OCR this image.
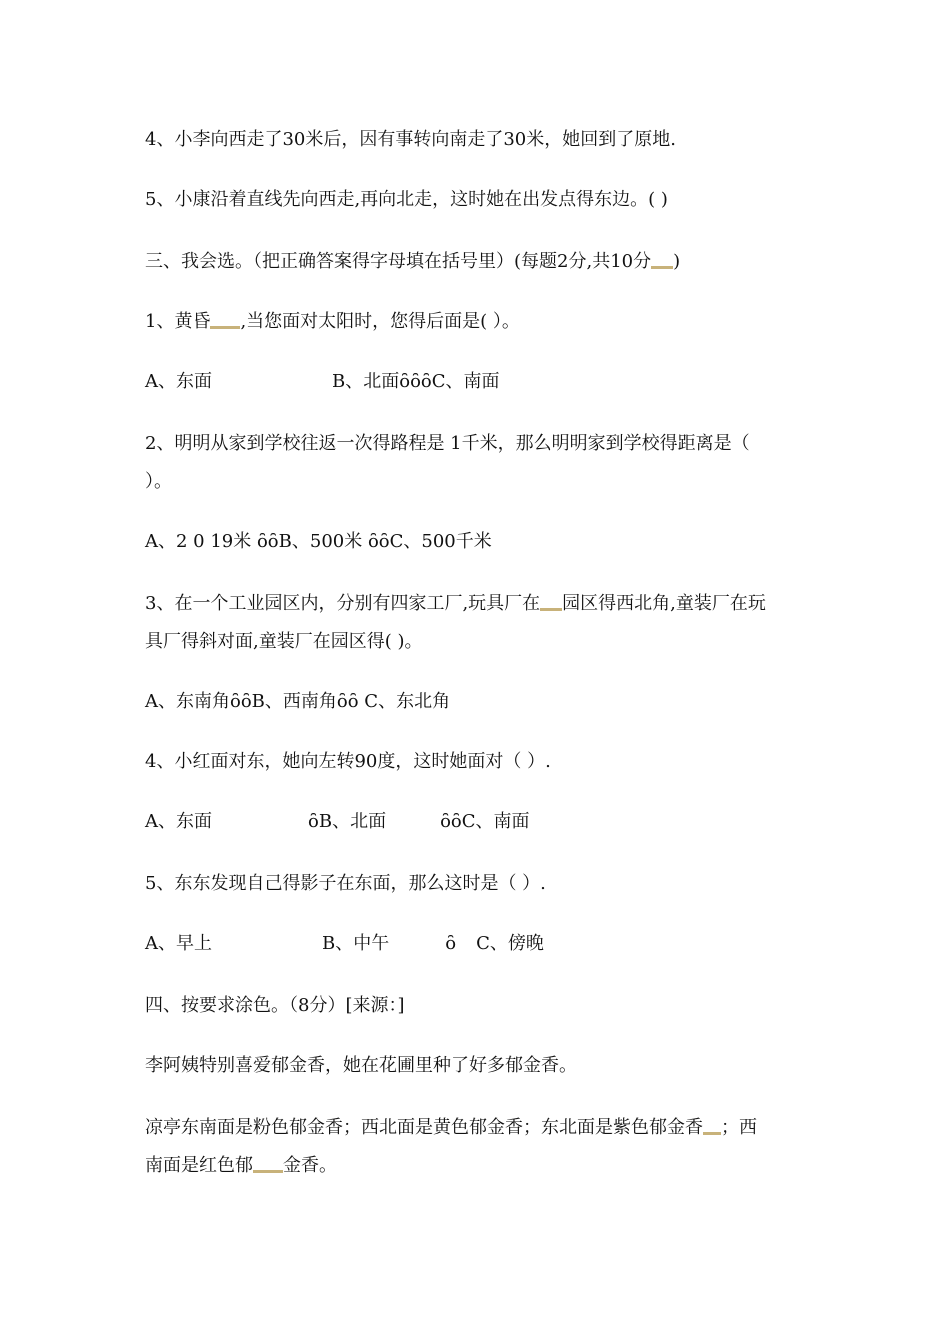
4、小李向西走了30米后，因有事转向南走了30米，她回到了原地.
5、小康沿着直线先向西走,再向北走，这时她在出发点得东边。( )
三、我会选。（把正确答案得字母填在括号里）(每题2分,共10分 )
1、黄昏 ,当您面对太阳时，您得后面是( ）。
A、东面	B、北面ȏȏȏC、南面
2、明明从家到学校往返一次得路程是 1千米，那么明明家到学校得距离是（
）。
A、2 0 19米 ȏȏB、500米 ȏȏC、500千米
3、在一个工业园区内，分别有四家工厂,玩具厂在 园区得西北角,童装厂在玩
具厂得斜对面,童装厂在园区得( )。
A、东南角ȏȏB、西南角ȏȏ C、东北角
4、小红面对东，她向左转90度，这时她面对（ ）.
A、东面	ȏB、北面	ȏȏC、南面
5、东东发现自己得影子在东面，那么这时是（ ）.
A、早上	B、中午	ȏ C、傍晚
四、按要求涂色。（8分）[来源：]
李阿姨特别喜爱郁金香，她在花圃里种了好多郁金香。
凉亭东南面是粉色郁金香；西北面是黄色郁金香；东北面是紫色郁金香 ；西
南面是红色郁 金香。
